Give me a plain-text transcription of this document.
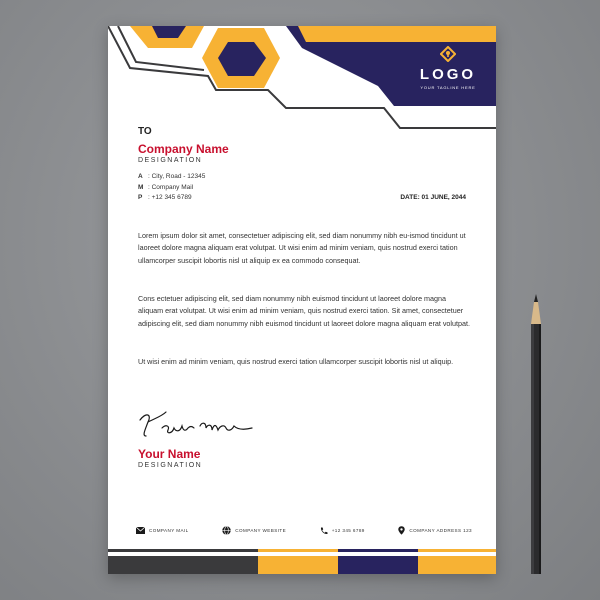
LOGO
YOUR TAGLINE HERE
TO
Company Name
DESIGNATION
A : City, Road - 12345
M : Company Mail
P : +12 345 6789	DATE: 01 JUNE, 2044

Lorem ipsum dolor sit amet, consectetuer adipiscing elit, sed diam nonummy nibh eu-ismod tincidunt ut laoreet dolore magna aliquam erat volutpat. Ut wisi enim ad minim veniam, quis nostrud exerci tation ullamcorper suscipit lobortis nisl ut aliquip ex ea commodo consequat.

Cons ectetuer adipiscing elit, sed diam nonummy nibh euismod tincidunt ut laoreet dolore magna aliquam erat volutpat. Ut wisi enim ad minim veniam, quis nostrud exerci tation. Sit amet, consectetuer adipiscing elit, sed diam nonummy nibh euismod tincidunt ut laoreet dolore magna aliquam erat volutpat.

Ut wisi enim ad minim veniam, quis nostrud exerci tation ullamcorper suscipit lobortis nisl ut aliquip.

Your Name
DESIGNATION
COMPANY MAIL	COMPANY WEBSITE	+12 345 6789	COMPANY ADDRESS 123
